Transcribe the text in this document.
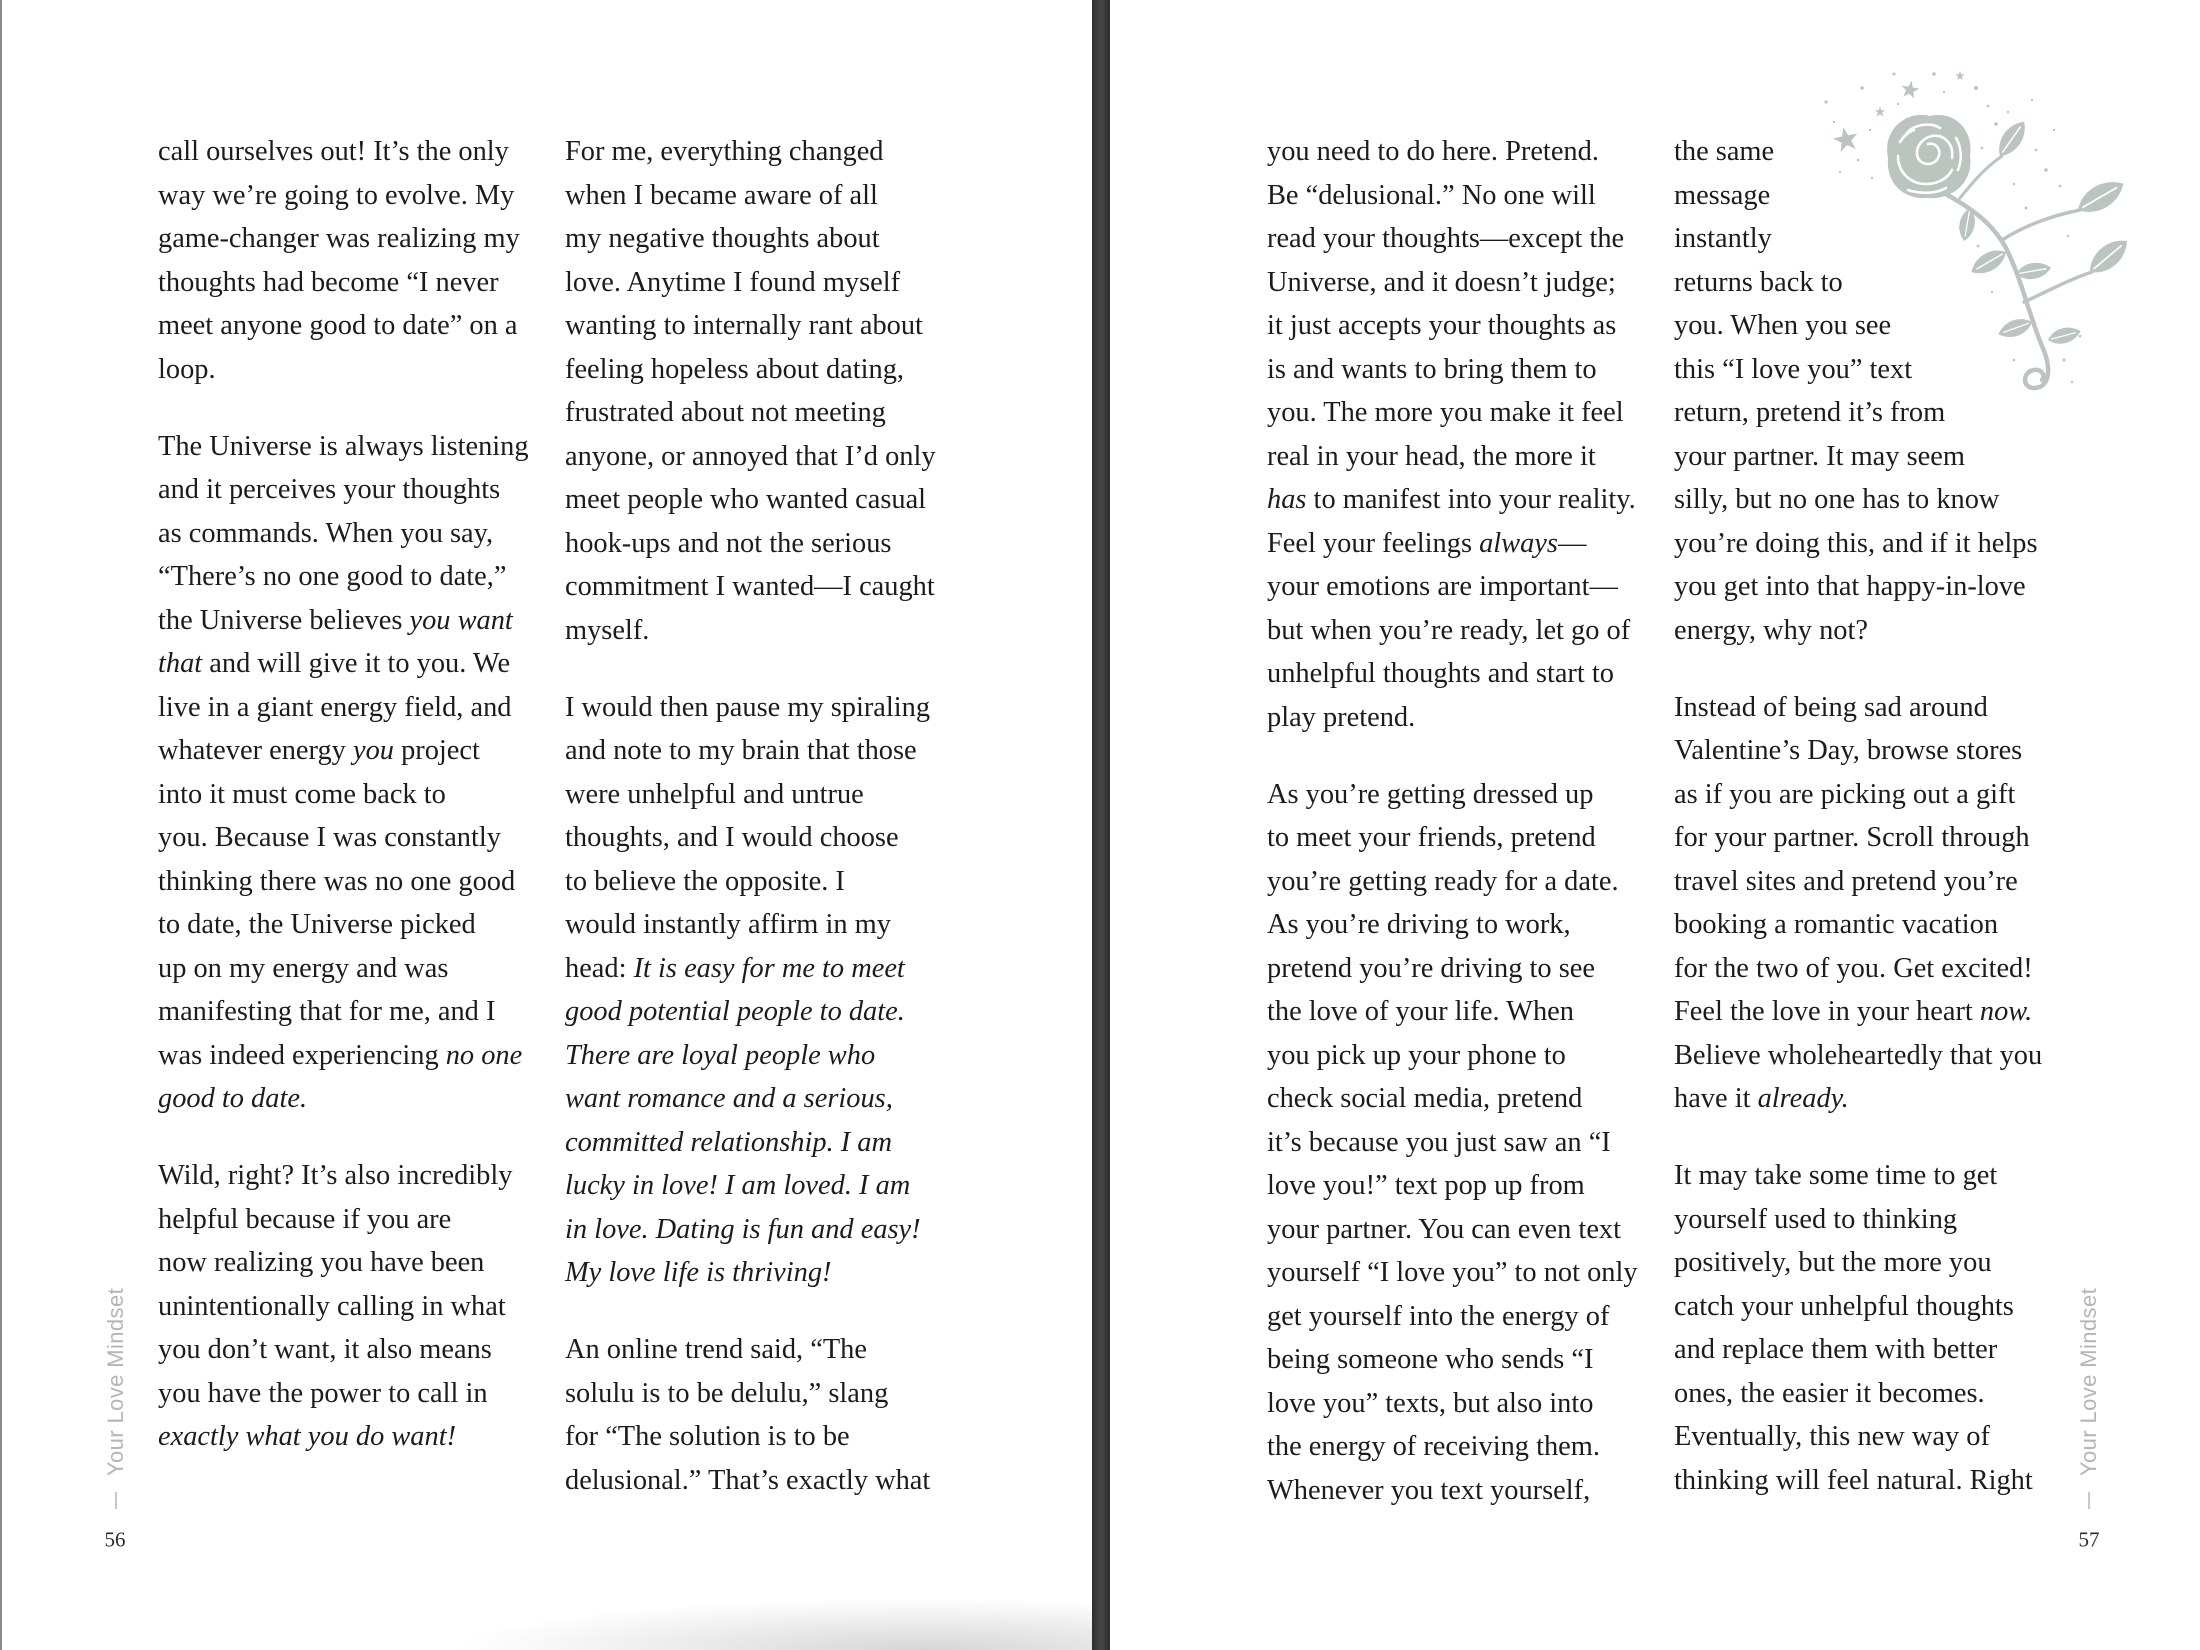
call ourselves out! It’s the only
way we’re going to evolve. My
game-changer was realizing my
thoughts had become “I never
meet anyone good to date” on a
loop.

The Universe is always listening
and it perceives your thoughts
as commands. When you say,
“There’s no one good to date,”
the Universe believes you want
that and will give it to you. We
live in a giant energy field, and
whatever energy you project
into it must come back to
you. Because I was constantly
thinking there was no one good
to date, the Universe picked
up on my energy and was
manifesting that for me, and I
was indeed experiencing no one
good to date.

Wild, right? It’s also incredibly
helpful because if you are
now realizing you have been
unintentionally calling in what
you don’t want, it also means
you have the power to call in
exactly what you do want!

For me, everything changed
when I became aware of all
my negative thoughts about
love. Anytime I found myself
wanting to internally rant about
feeling hopeless about dating,
frustrated about not meeting
anyone, or annoyed that I’d only
meet people who wanted casual
hook-ups and not the serious
commitment I wanted—I caught
myself.

I would then pause my spiraling
and note to my brain that those
were unhelpful and untrue
thoughts, and I would choose
to believe the opposite. I
would instantly affirm in my
head: It is easy for me to meet
good potential people to date.
There are loyal people who
want romance and a serious,
committed relationship. I am
lucky in love! I am loved. I am
in love. Dating is fun and easy!
My love life is thriving!

An online trend said, “The
solulu is to be delulu,” slang
for “The solution is to be
delusional.” That’s exactly what

Your Love Mindset
56

you need to do here. Pretend.
Be “delusional.” No one will
read your thoughts—except the
Universe, and it doesn’t judge;
it just accepts your thoughts as
is and wants to bring them to
you. The more you make it feel
real in your head, the more it
has to manifest into your reality.
Feel your feelings always—
your emotions are important—
but when you’re ready, let go of
unhelpful thoughts and start to
play pretend.

As you’re getting dressed up
to meet your friends, pretend
you’re getting ready for a date.
As you’re driving to work,
pretend you’re driving to see
the love of your life. When
you pick up your phone to
check social media, pretend
it’s because you just saw an “I
love you!” text pop up from
your partner. You can even text
yourself “I love you” to not only
get yourself into the energy of
being someone who sends “I
love you” texts, but also into
the energy of receiving them.
Whenever you text yourself,

the same
message
instantly
returns back to
you. When you see
this “I love you” text
return, pretend it’s from
your partner. It may seem
silly, but no one has to know
you’re doing this, and if it helps
you get into that happy-in-love
energy, why not?

Instead of being sad around
Valentine’s Day, browse stores
as if you are picking out a gift
for your partner. Scroll through
travel sites and pretend you’re
booking a romantic vacation
for the two of you. Get excited!
Feel the love in your heart now.
Believe wholeheartedly that you
have it already.

It may take some time to get
yourself used to thinking
positively, but the more you
catch your unhelpful thoughts
and replace them with better
ones, the easier it becomes.
Eventually, this new way of
thinking will feel natural. Right

Your Love Mindset
57
